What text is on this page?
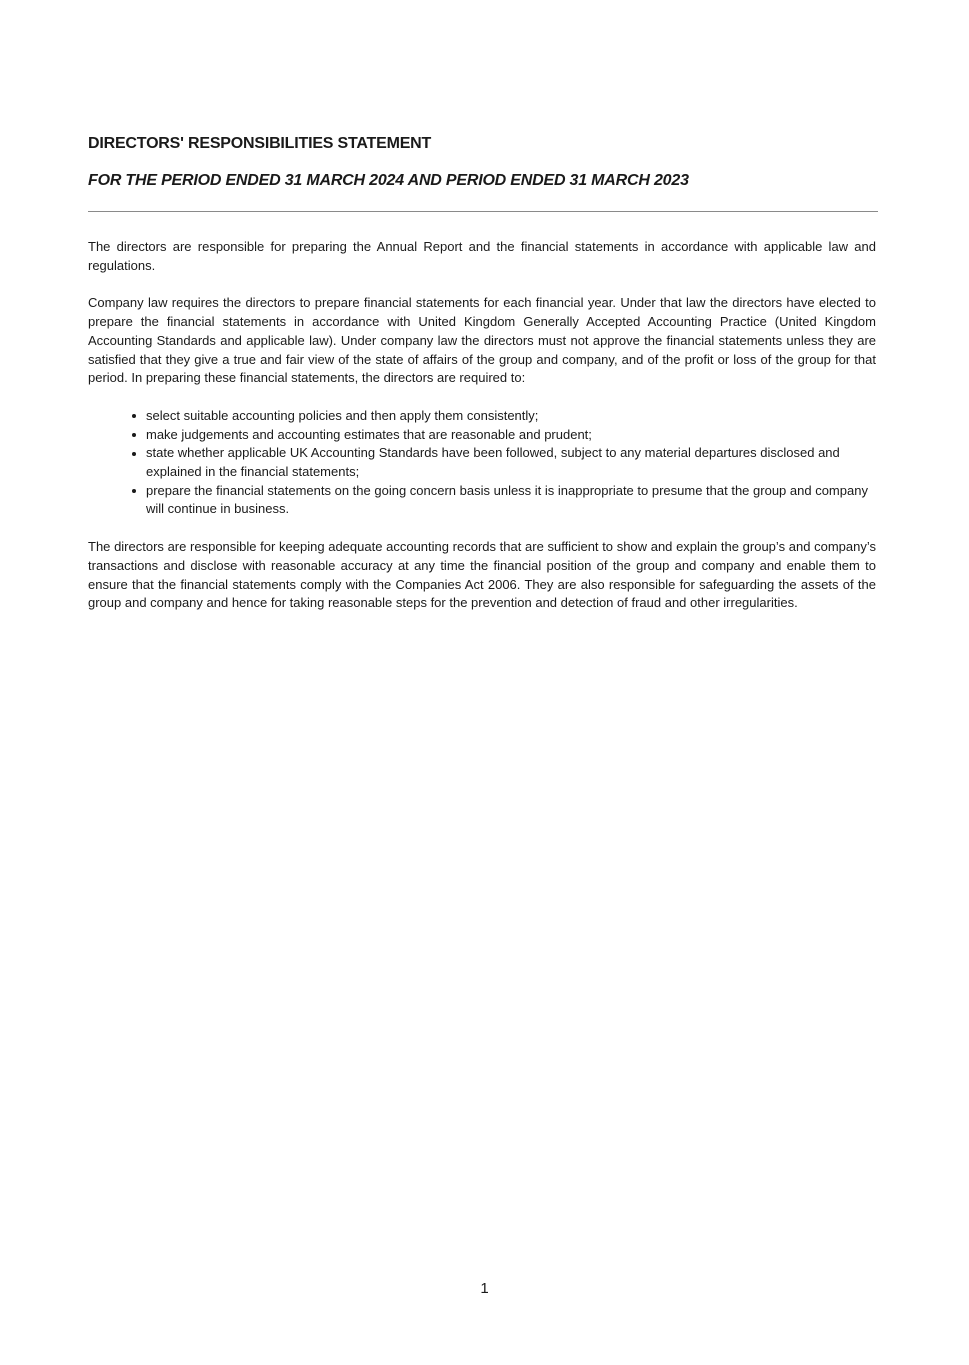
DIRECTORS' RESPONSIBILITIES STATEMENT
FOR THE PERIOD ENDED 31 MARCH 2024 AND PERIOD ENDED 31 MARCH 2023

The directors are responsible for preparing the Annual Report and the financial statements in accordance with applicable law and regulations.

Company law requires the directors to prepare financial statements for each financial year. Under that law the directors have elected to prepare the financial statements in accordance with United Kingdom Generally Accepted Accounting Practice (United Kingdom Accounting Standards and applicable law). Under company law the directors must not approve the financial statements unless they are satisfied that they give a true and fair view of the state of affairs of the group and company, and of the profit or loss of the group for that period. In preparing these financial statements, the directors are required to:

select suitable accounting policies and then apply them consistently;
make judgements and accounting estimates that are reasonable and prudent;
state whether applicable UK Accounting Standards have been followed, subject to any material departures disclosed and explained in the financial statements;
prepare the financial statements on the going concern basis unless it is inappropriate to presume that the group and company will continue in business.

The directors are responsible for keeping adequate accounting records that are sufficient to show and explain the group’s and company’s transactions and disclose with reasonable accuracy at any time the financial position of the group and company and enable them to ensure that the financial statements comply with the Companies Act 2006. They are also responsible for safeguarding the assets of the group and company and hence for taking reasonable steps for the prevention and detection of fraud and other irregularities.

1
